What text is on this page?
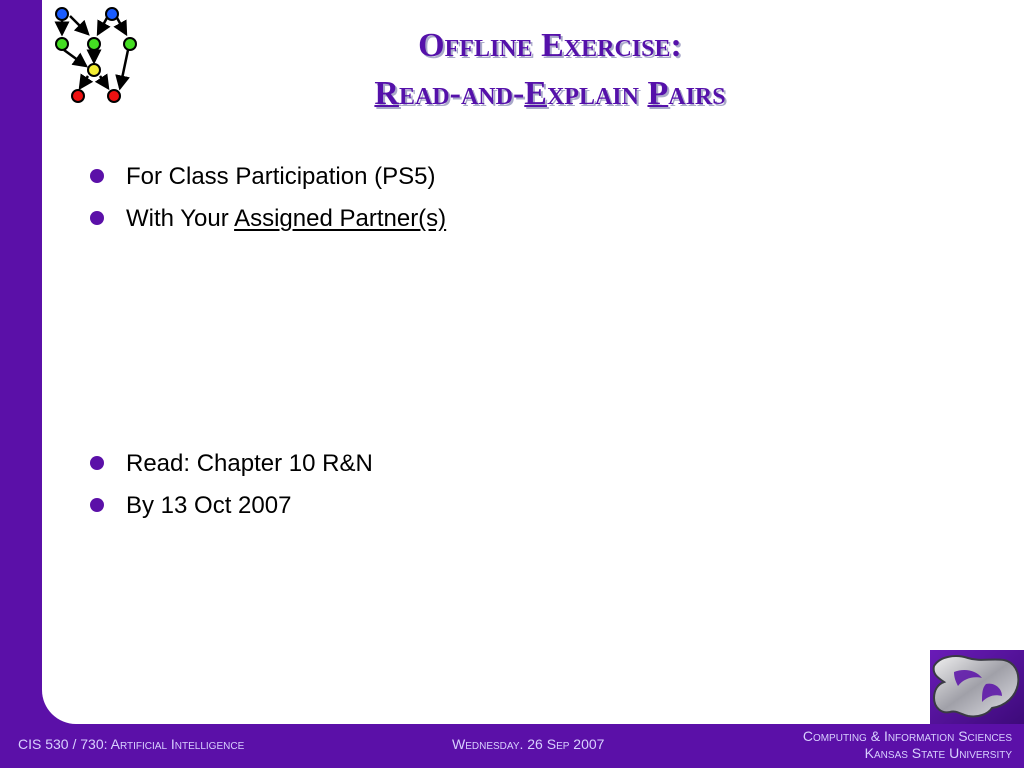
Offline Exercise:
Read-and-Explain Pairs
For Class Participation (PS5)
With Your Assigned Partner(s)
Read: Chapter 10 R&N
By 13 Oct 2007
CIS 530 / 730: Artificial Intelligence	Wednesday. 26 Sep 2007	Computing & Information Sciences
Kansas State University
